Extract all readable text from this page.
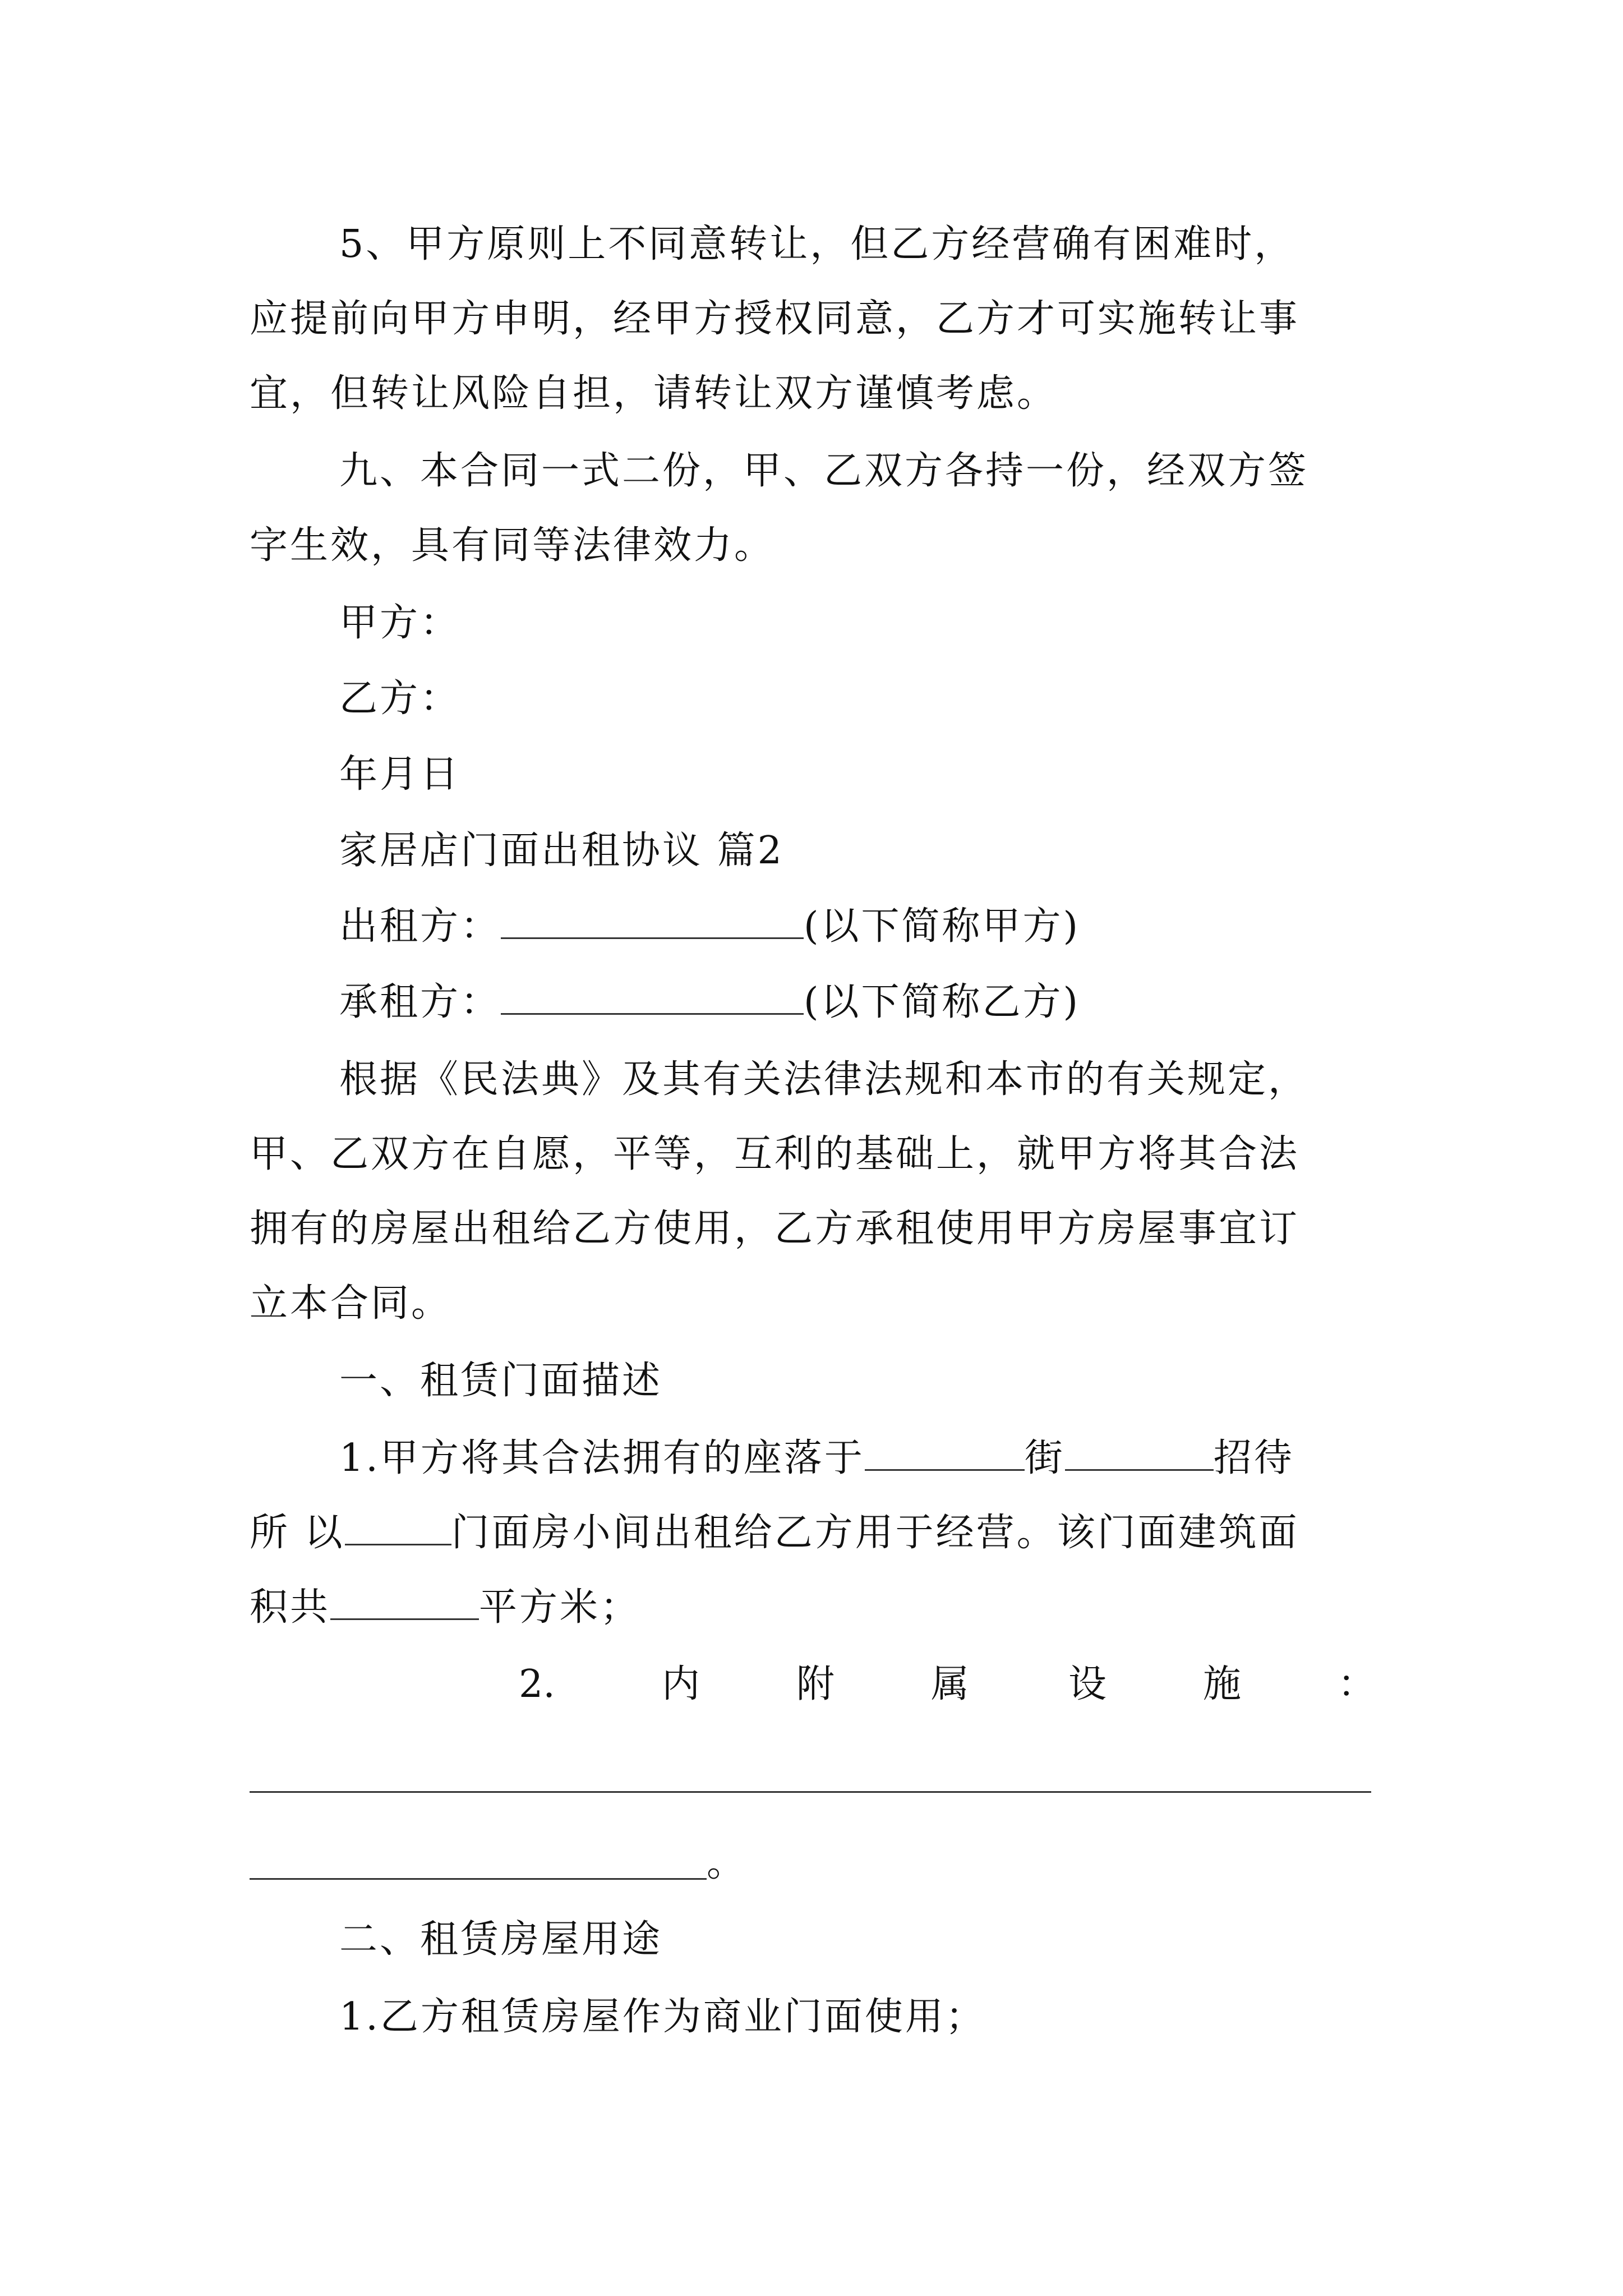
5、甲方原则上不同意转让，但乙方经营确有困难时，
应提前向甲方申明，经甲方授权同意，乙方才可实施转让事
宜，但转让风险自担，请转让双方谨慎考虑。
九、本合同一式二份，甲、乙双方各持一份，经双方签
字生效，具有同等法律效力。
甲方：
乙方：
年月日
家居店门面出租协议 篇2
出租方：	(以下简称甲方)
承租方：	(以下简称乙方)
根据《民法典》及其有关法律法规和本市的有关规定，
甲、乙双方在自愿，平等，互利的基础上，就甲方将其合法
拥有的房屋出租给乙方使用，乙方承租使用甲方房屋事宜订
立本合同。
一、租赁门面描述
1.甲方将其合法拥有的座落于	街	招待
所 以	门面房小间出租给乙方用于经营。该门面建筑面
积共	平方米；
2.	内	附	属	设	施	：
。
二、租赁房屋用途
1.乙方租赁房屋作为商业门面使用；
